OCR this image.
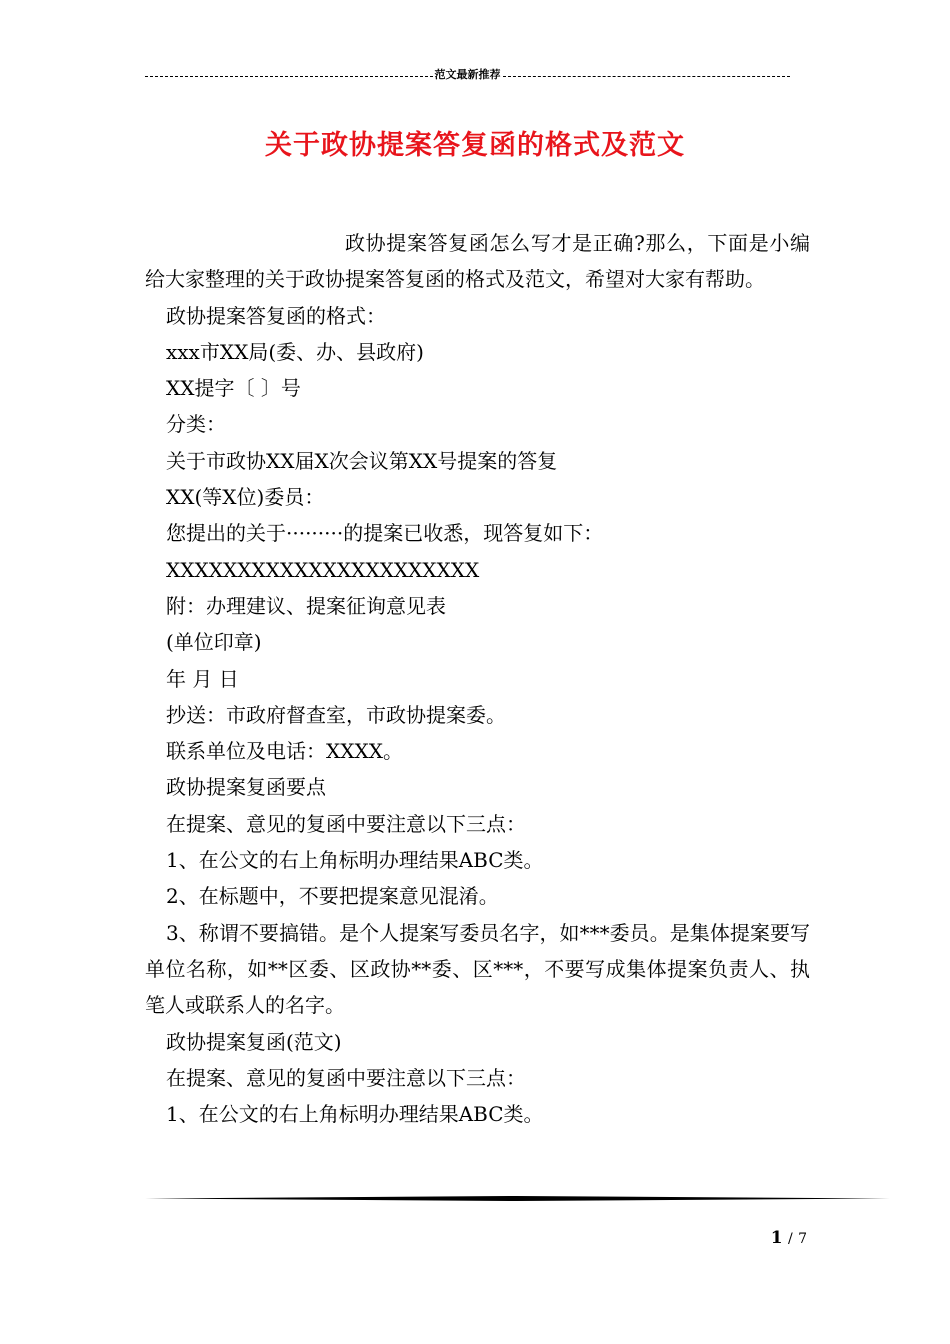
范文最新推荐
关于政协提案答复函的格式及范文

政协提案答复函怎么写才是正确?那么，下面是小编给大家整理的关于政协提案答复函的格式及范文，希望对大家有帮助。

政协提案答复函的格式：

xxx市XX局(委、办、县政府)

XX提字〔 〕号

分类：

关于市政协XX届X次会议第XX号提案的答复

XX(等X位)委员：

您提出的关于·········的提案已收悉，现答复如下：

XXXXXXXXXXXXXXXXXXXXXX

附：办理建议、提案征询意见表

(单位印章)

年 月 日

抄送：市政府督查室，市政协提案委。

联系单位及电话：XXXX。

政协提案复函要点

在提案、意见的复函中要注意以下三点：

1、在公文的右上角标明办理结果ABC类。

2、在标题中，不要把提案意见混淆。

3、称谓不要搞错。是个人提案写委员名字，如***委员。是集体提案要写单位名称，如**区委、区政协**委、区***，不要写成集体提案负责人、执笔人或联系人的名字。

政协提案复函(范文)

在提案、意见的复函中要注意以下三点：

1、在公文的右上角标明办理结果ABC类。

1 / 7
